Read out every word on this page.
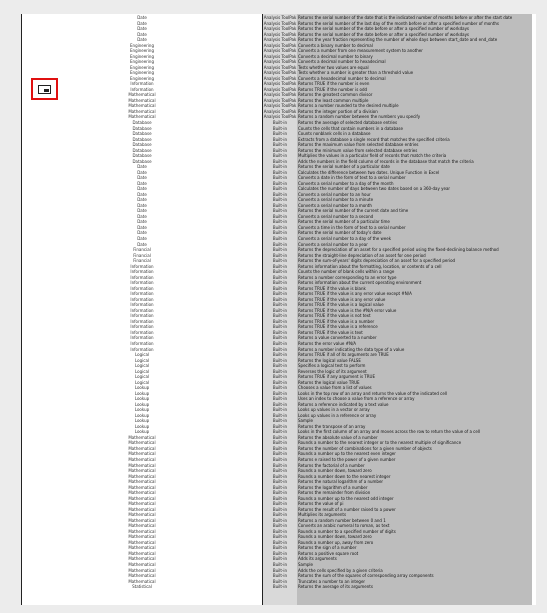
Date	Analysis ToolPak Returns the serial number of the date that is the indicated number of months before or after the start date
Date	Analysis ToolPak Returns the serial number of the last day of the month before or after a specified number of months
Date	Analysis ToolPak Returns the serial number of the date before or after a specified number of workdays
Date	Analysis ToolPak Returns the serial number of the date before or after a specified number of workdays
Date	Analysis ToolPak Returns the year fraction representing the number of whole days between start_date and end_date
Engineering	Analysis ToolPak Converts a binary number to decimal
Engineering	Analysis ToolPak Converts a number from one measurement system to another
Engineering	Analysis ToolPak Converts a decimal number to binary
Engineering	Analysis ToolPak Converts a decimal number to hexadecimal
Engineering	Analysis ToolPak Tests whether two values are equal
Engineering	Analysis ToolPak Tests whether a number is greater than a threshold value
Engineering	Analysis ToolPak Converts a hexadecimal number to decimal
Information	Analysis ToolPak Returns TRUE if the number is even
Information	Analysis ToolPak Returns TRUE if the number is odd
Mathematical	Analysis ToolPak Returns the greatest common divisor
Mathematical	Analysis ToolPak Returns the least common multiple
Mathematical	Analysis ToolPak Returns a number rounded to the desired multiple
Mathematical	Analysis ToolPak Returns the integer portion of a division
Mathematical	Analysis ToolPak Returns a random number between the numbers you specify
Database	Built-in	Returns the average of selected database entries
Database	Built-in	Counts the cells that contain numbers in a database
Database	Built-in	Counts nonblank cells in a database
Database	Built-in	Extracts from a database a single record that matches the specified criteria
Database	Built-in	Returns the maximum value from selected database entries
Database	Built-in	Returns the minimum value from selected database entries
Database	Built-in	Multiplies the values in a particular field of records that match the criteria
Database	Built-in	Adds the numbers in the field column of records in the database that match the criteria
Date	Built-in	Returns the serial number of a particular date
Date	Built-in	Calculates the difference between two dates. Unique Function in Excel
Date	Built-in	Converts a date in the form of text to a serial number
Date	Built-in	Converts a serial number to a day of the month
Date	Built-in	Calculates the number of days between two dates based on a 360-day year
Date	Built-in	Converts a serial number to an hour
Date	Built-in	Converts a serial number to a minute
Date	Built-in	Converts a serial number to a month
Date	Built-in	Returns the serial number of the current date and time
Date	Built-in	Converts a serial number to a second
Date	Built-in	Returns the serial number of a particular time
Date	Built-in	Converts a time in the form of text to a serial number
Date	Built-in	Returns the serial number of today's date
Date	Built-in	Converts a serial number to a day of the week
Date	Built-in	Converts a serial number to a year
Financial	Built-in	Returns the depreciation of an asset for a specified period using the fixed-declining balance method
Financial	Built-in	Returns the straight-line depreciation of an asset for one period
Financial	Built-in	Returns the sum-of-years' digits depreciation of an asset for a specified period
Information	Built-in	Returns information about the formatting, location, or contents of a cell
Information	Built-in	Counts the number of blank cells within a range
Information	Built-in	Returns a number corresponding to an error type
Information	Built-in	Returns information about the current operating environment
Information	Built-in	Returns TRUE if the value is blank
Information	Built-in	Returns TRUE if the value is any error value except #N/A
Information	Built-in	Returns TRUE if the value is any error value
Information	Built-in	Returns TRUE if the value is a logical value
Information	Built-in	Returns TRUE if the value is the #N/A error value
Information	Built-in	Returns TRUE if the value is not text
Information	Built-in	Returns TRUE if the value is a number
Information	Built-in	Returns TRUE if the value is a reference
Information	Built-in	Returns TRUE if the value is text
Information	Built-in	Returns a value converted to a number
Information	Built-in	Returns the error value #N/A
Information	Built-in	Returns a number indicating the data type of a value
Logical	Built-in	Returns TRUE if all of its arguments are TRUE
Logical	Built-in	Returns the logical value FALSE
Logical	Built-in	Specifies a logical test to perform
Logical	Built-in	Reverses the logic of its argument
Logical	Built-in	Returns TRUE if any argument is TRUE
Logical	Built-in	Returns the logical value TRUE
Lookup	Built-in	Chooses a value from a list of values
Lookup	Built-in	Looks in the top row of an array and returns the value of the indicated cell
Lookup	Built-in	Uses an index to choose a value from a reference or array
Lookup	Built-in	Returns a reference indicated by a text value
Lookup	Built-in	Looks up values in a vector or array
Lookup	Built-in	Looks up values in a reference or array
Lookup	Built-in	Sample
Lookup	Built-in	Returns the transpose of an array
Lookup	Built-in	Looks in the first column of an array and moves across the row to return the value of a cell
Mathematical	Built-in	Returns the absolute value of a number
Mathematical	Built-in	Rounds a number to the nearest integer or to the nearest multiple of significance
Mathematical	Built-in	Returns the number of combinations for a given number of objects
Mathematical	Built-in	Rounds a number up to the nearest even integer
Mathematical	Built-in	Returns e raised to the power of a given number
Mathematical	Built-in	Returns the factorial of a number
Mathematical	Built-in	Rounds a number down, toward zero
Mathematical	Built-in	Rounds a number down to the nearest integer
Mathematical	Built-in	Returns the natural logarithm of a number
Mathematical	Built-in	Returns the logarithm of a number
Mathematical	Built-in	Returns the remainder from division
Mathematical	Built-in	Rounds a number up to the nearest odd integer
Mathematical	Built-in	Returns the value of pi
Mathematical	Built-in	Returns the result of a number raised to a power
Mathematical	Built-in	Multiplies its arguments
Mathematical	Built-in	Returns a random number between 0 and 1
Mathematical	Built-in	Converts an arabic numeral to roman, as text
Mathematical	Built-in	Rounds a number to a specified number of digits
Mathematical	Built-in	Rounds a number down, toward zero
Mathematical	Built-in	Rounds a number up, away from zero
Mathematical	Built-in	Returns the sign of a number
Mathematical	Built-in	Returns a positive square root
Mathematical	Built-in	Adds its arguments
Mathematical	Built-in	Sample
Mathematical	Built-in	Adds the cells specified by a given criteria
Mathematical	Built-in	Returns the sum of the squares of corresponding array components
Mathematical	Built-in	Truncates a number to an integer
Statistical	Built-in	Returns the average of its arguments
